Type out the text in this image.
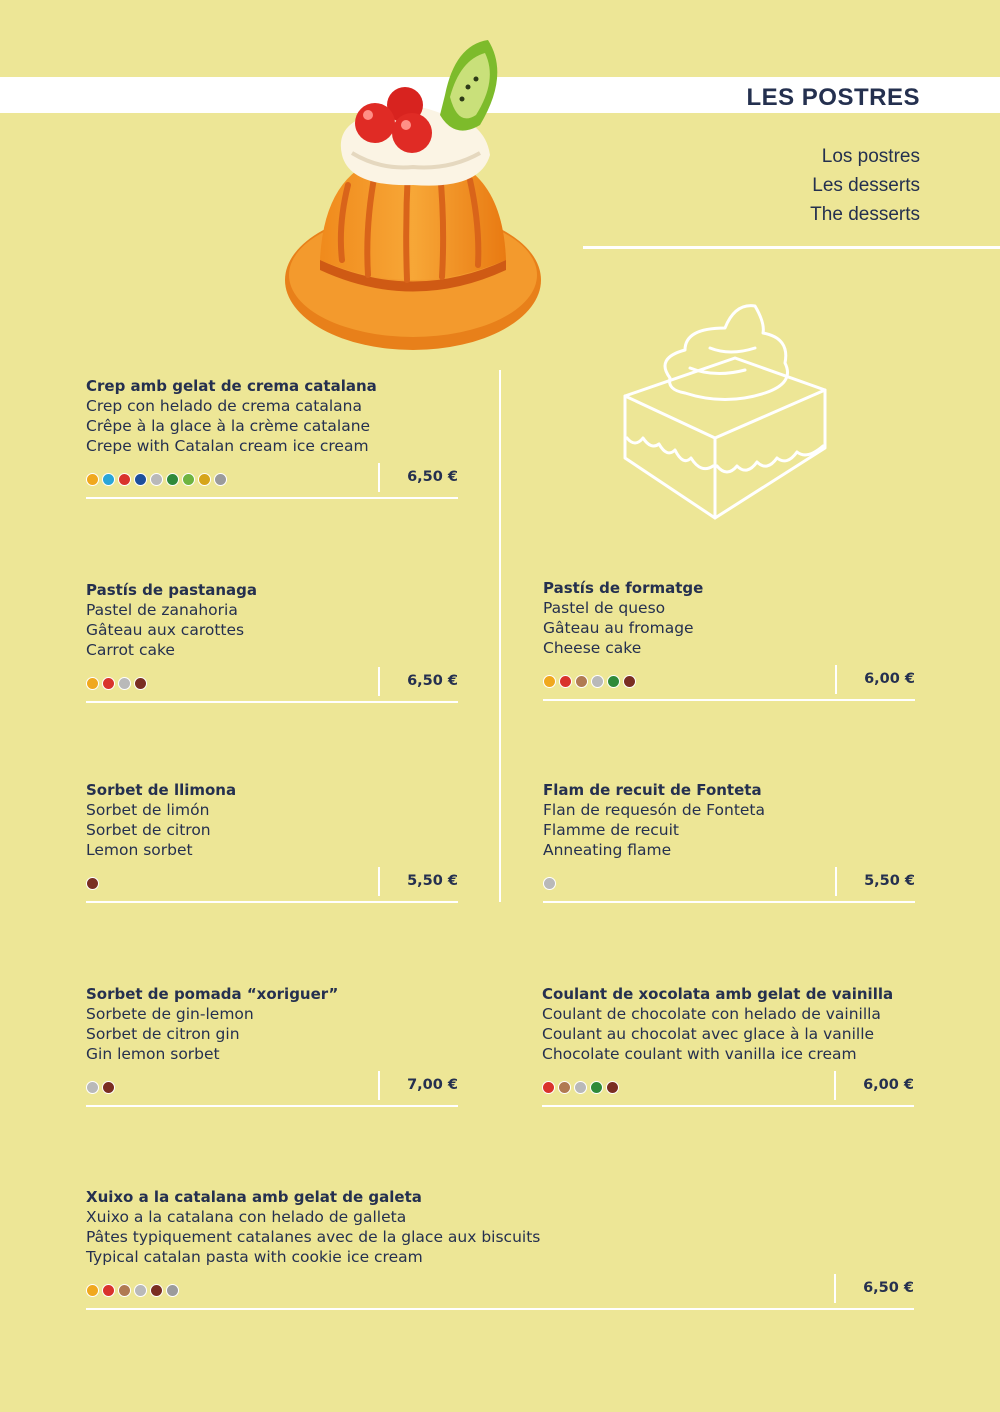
LES POSTRES
Los postres
Les desserts
The desserts
Crep amb gelat de crema catalana
Crep con helado de crema catalana
Crêpe à la glace à la crème catalane
Crepe with Catalan cream ice cream
6,50 €
Pastís de pastanaga
Pastel de zanahoria
Gâteau aux carottes
Carrot cake
6,50 €
Pastís de formatge
Pastel de queso
Gâteau au fromage
Cheese cake
6,00 €
Sorbet de llimona
Sorbet de limón
Sorbet de citron
Lemon sorbet
5,50 €
Flam de recuit de Fonteta
Flan de requesón de Fonteta
Flamme de recuit
Anneating flame
5,50 €
Sorbet de pomada “xoriguer”
Sorbete de gin-lemon
Sorbet de citron gin
Gin lemon sorbet
7,00 €
Coulant de xocolata amb gelat de vainilla
Coulant de chocolate con helado de vainilla
Coulant au chocolat avec glace à la vanille
Chocolate coulant with vanilla ice cream
6,00 €
Xuixo a la catalana amb gelat de galeta
Xuixo a la catalana con helado de galleta
Pâtes typiquement catalanes avec de la glace aux biscuits
Typical catalan pasta with cookie ice cream
6,50 €
